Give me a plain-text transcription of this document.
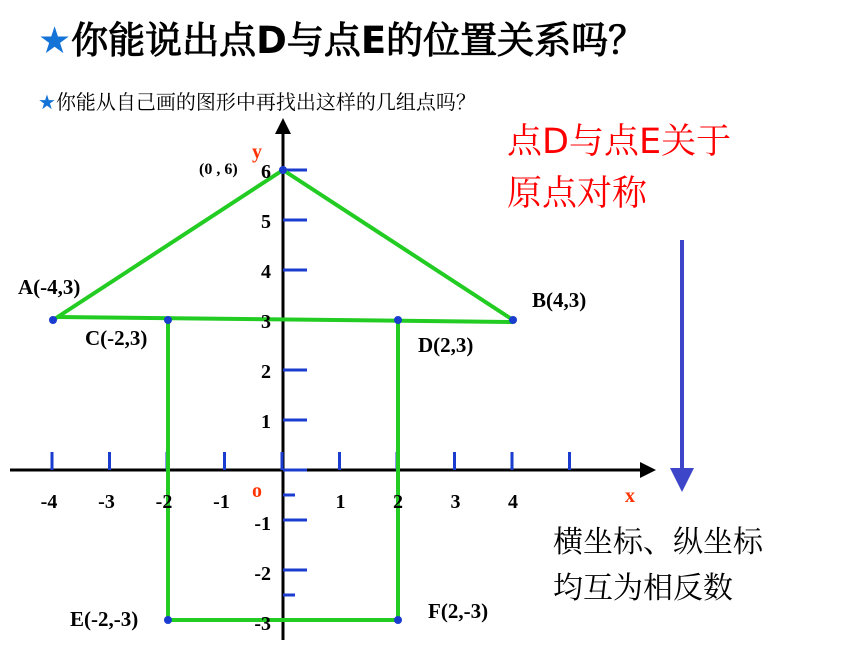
★你能说出点D与点E的位置关系吗？
★你能从自己画的图形中再找出这样的几组点吗？
点D与点E关于
原点对称
横坐标、纵坐标
均互为相反数
-4 -3 -2 -1	1 2 3 4
6
5
4
3
2
1
-1
-2
-3
x
y
o
A(-4,3)
B(4,3)
C(-2,3)	D(2,3)
E(-2,-3)	F(2,-3)
(0 , 6)
